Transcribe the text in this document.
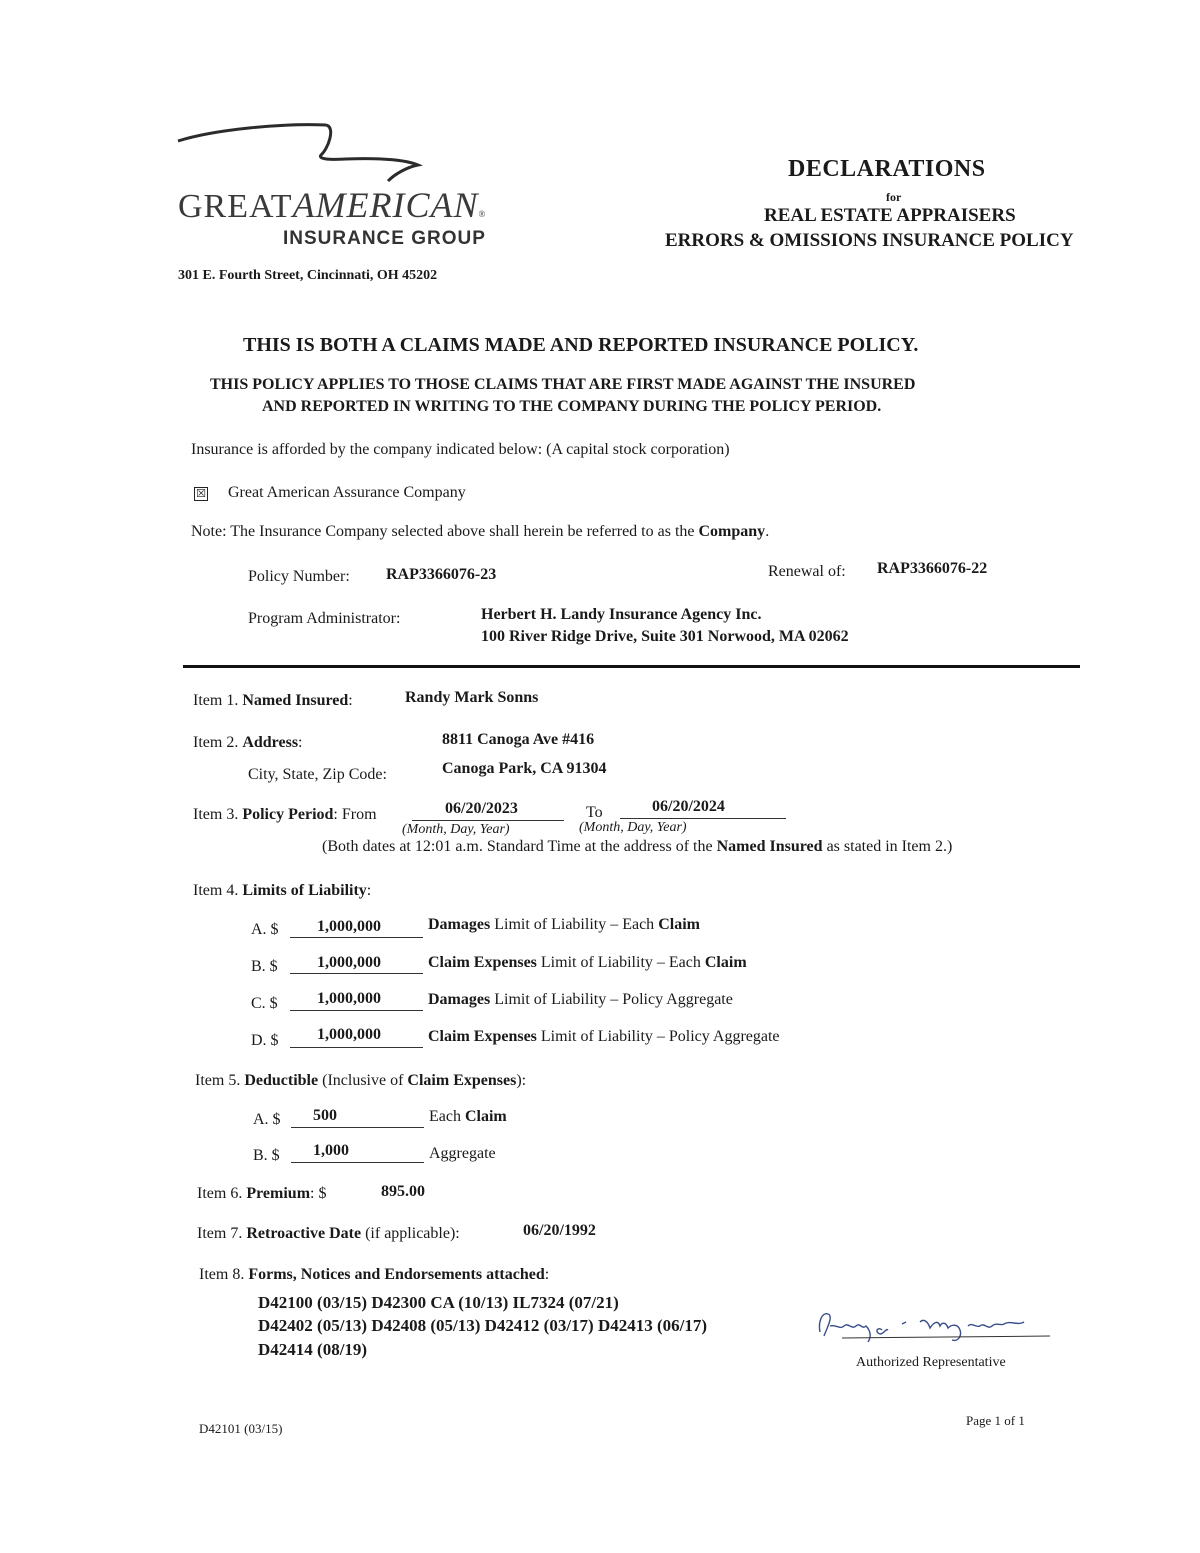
GREATAMERICAN®
INSURANCE GROUP
301 E. Fourth Street, Cincinnati, OH 45202
DECLARATIONS
for
REAL ESTATE APPRAISERS
ERRORS & OMISSIONS INSURANCE POLICY
THIS IS BOTH A CLAIMS MADE AND REPORTED INSURANCE POLICY.
THIS POLICY APPLIES TO THOSE CLAIMS THAT ARE FIRST MADE AGAINST THE INSURED
AND REPORTED IN WRITING TO THE COMPANY DURING THE POLICY PERIOD.
Insurance is afforded by the company indicated below: (A capital stock corporation)
☒ Great American Assurance Company
Note: The Insurance Company selected above shall herein be referred to as the Company.
Policy Number: RAP3366076-23	Renewal of: RAP3366076-22
Program Administrator:	Herbert H. Landy Insurance Agency Inc.
100 River Ridge Drive, Suite 301 Norwood, MA 02062
Item 1. Named Insured:	Randy Mark Sonns
Item 2. Address:	8811 Canoga Ave #416
City, State, Zip Code:	Canoga Park, CA 91304
Item 3. Policy Period: From	06/20/2023	To	06/20/2024
(Month, Day, Year)	(Month, Day, Year)
(Both dates at 12:01 a.m. Standard Time at the address of the Named Insured as stated in Item 2.)
Item 4. Limits of Liability:
A. $ 1,000,000	Damages Limit of Liability – Each Claim
B. $ 1,000,000	Claim Expenses Limit of Liability – Each Claim
C. $ 1,000,000	Damages Limit of Liability – Policy Aggregate
D. $ 1,000,000	Claim Expenses Limit of Liability – Policy Aggregate
Item 5. Deductible (Inclusive of Claim Expenses):
A. $ 500	Each Claim
B. $ 1,000	Aggregate
Item 6. Premium: $	895.00
Item 7. Retroactive Date (if applicable):	06/20/1992
Item 8. Forms, Notices and Endorsements attached:
D42100 (03/15) D42300 CA (10/13) IL7324 (07/21)
D42402 (05/13) D42408 (05/13) D42412 (03/17) D42413 (06/17)
D42414 (08/19)
Authorized Representative
D42101 (03/15)
Page 1 of 1
